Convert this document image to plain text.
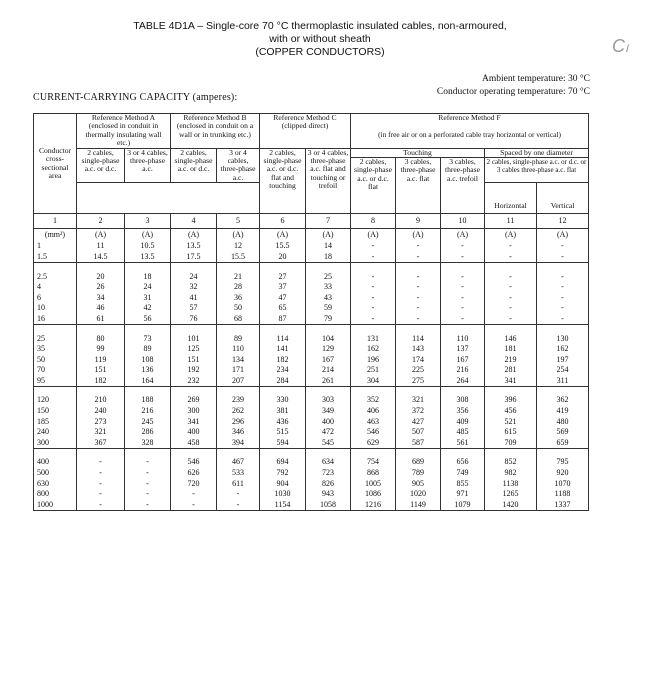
TABLE 4D1A – Single-core 70 °C thermoplastic insulated cables, non-armoured,
with or without sheath
(COPPER CONDUCTORS)	Cₗ
Ambient temperature: 30 °C
Conductor operating temperature: 70 °C
CURRENT-CARRYING CAPACITY (amperes):
Conductor cross-sectional area	Reference Method A (enclosed in conduit in thermally insulating wall etc.)		Reference Method B (enclosed in conduit on a wall or in trunking etc.)		Reference Method C (clipped direct)		Reference Method F				
							(in free air or on a perforated cable tray horizontal or vertical)				
	2 cables, single-phase a.c. or d.c.	3 or 4 cables, three-phase a.c.	2 cables, single-phase a.c. or d.c.	3 or 4 cables, three-phase a.c.	2 cables, single-phase a.c. or d.c. flat and touching	3 or 4 cables, three-phase a.c. flat and touching or trefoil	Touching			Spaced by one diameter	
							2 cables, single-phase a.c. or d.c. flat	3 cables, three-phase a.c. flat	3 cables, three-phase a.c. trefoil	2 cables, single-phase a.c. or d.c. or 3 cables three-phase a.c. flat	
										Horizontal	Vertical
1	2	3	4	5	6	7	8	9	10	11	12
(mm²)	(A)	(A)	(A)	(A)	(A)	(A)	(A)	(A)	(A)	(A)	(A)
1	11	10.5	13.5	12	15.5	14	-	-	-	-	-
1.5	14.5	13.5	17.5	15.5	20	18	-	-	-	-	-

2.5	20	18	24	21	27	25	-	-	-	-	-
4	26	24	32	28	37	33	-	-	-	-	-
6	34	31	41	36	47	43	-	-	-	-	-
10	46	42	57	50	65	59	-	-	-	-	-
16	61	56	76	68	87	79	-	-	-	-	-

25	80	73	101	89	114	104	131	114	110	146	130
35	99	89	125	110	141	129	162	143	137	181	162
50	119	108	151	134	182	167	196	174	167	219	197
70	151	136	192	171	234	214	251	225	216	281	254
95	182	164	232	207	284	261	304	275	264	341	311

120	210	188	269	239	330	303	352	321	308	396	362
150	240	216	300	262	381	349	406	372	356	456	419
185	273	245	341	296	436	400	463	427	409	521	480
240	321	286	400	346	515	472	546	507	485	615	569
300	367	328	458	394	594	545	629	587	561	709	659

400	-	-	546	467	694	634	754	689	656	852	795
500	-	-	626	533	792	723	868	789	749	982	920
630	-	-	720	611	904	826	1005	905	855	1138	1070
800	-	-	-	-	1030	943	1086	1020	971	1265	1188
1000	-	-	-	-	1154	1058	1216	1149	1079	1420	1337
